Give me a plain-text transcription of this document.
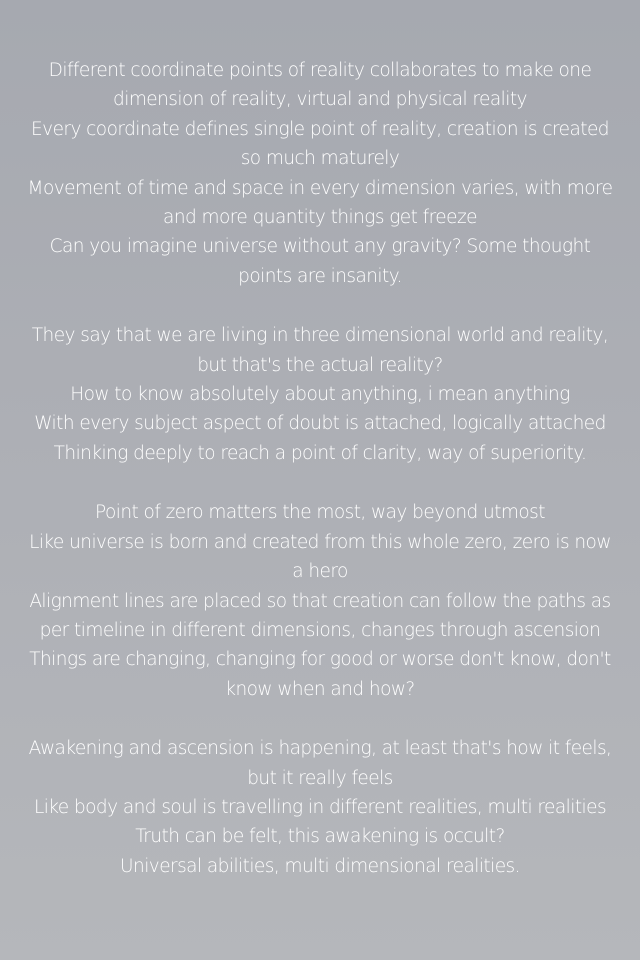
Different coordinate points of reality collaborates to make one dimension of reality, virtual and physical reality
Every coordinate defines single point of reality, creation is created so much maturely
Movement of time and space in every dimension varies, with more and more quantity things get freeze
Can you imagine universe without any gravity? Some thought points are insanity.
They say that we are living in three dimensional world and reality, but that's the actual reality?
How to know absolutely about anything, i mean anything
With every subject aspect of doubt is attached, logically attached
Thinking deeply to reach a point of clarity, way of superiority.
Point of zero matters the most, way beyond utmost
Like universe is born and created from this whole zero, zero is now a hero
Alignment lines are placed so that creation can follow the paths as per timeline in different dimensions, changes through ascension
Things are changing, changing for good or worse don't know, don't know when and how?
Awakening and ascension is happening, at least that's how it feels, but it really feels
Like body and soul is travelling in different realities, multi realities
Truth can be felt, this awakening is occult?
Universal abilities, multi dimensional realities.
